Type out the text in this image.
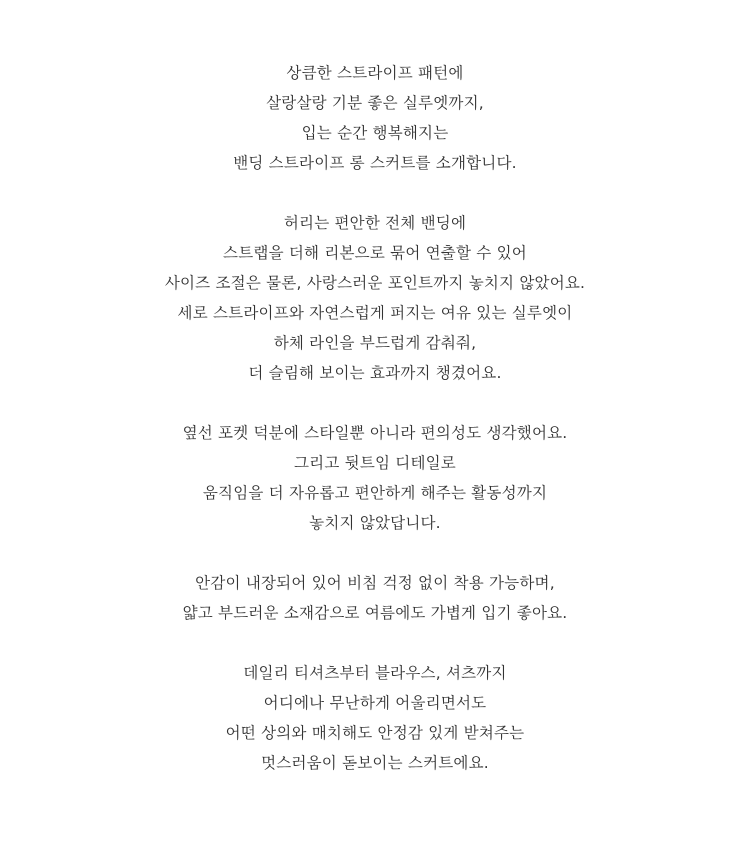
상큼한 스트라이프 패턴에
살랑살랑 기분 좋은 실루엣까지,
입는 순간 행복해지는
밴딩 스트라이프 롱 스커트를 소개합니다.
허리는 편안한 전체 밴딩에
스트랩을 더해 리본으로 묶어 연출할 수 있어
사이즈 조절은 물론, 사랑스러운 포인트까지 놓치지 않았어요.
세로 스트라이프와 자연스럽게 퍼지는 여유 있는 실루엣이
하체 라인을 부드럽게 감춰줘,
더 슬림해 보이는 효과까지 챙겼어요.
옆선 포켓 덕분에 스타일뿐 아니라 편의성도 생각했어요.
그리고 뒷트임 디테일로
움직임을 더 자유롭고 편안하게 해주는 활동성까지
놓치지 않았답니다.
안감이 내장되어 있어 비침 걱정 없이 착용 가능하며,
얇고 부드러운 소재감으로 여름에도 가볍게 입기 좋아요.
데일리 티셔츠부터 블라우스, 셔츠까지
어디에나 무난하게 어울리면서도
어떤 상의와 매치해도 안정감 있게 받쳐주는
멋스러움이 돋보이는 스커트에요.
